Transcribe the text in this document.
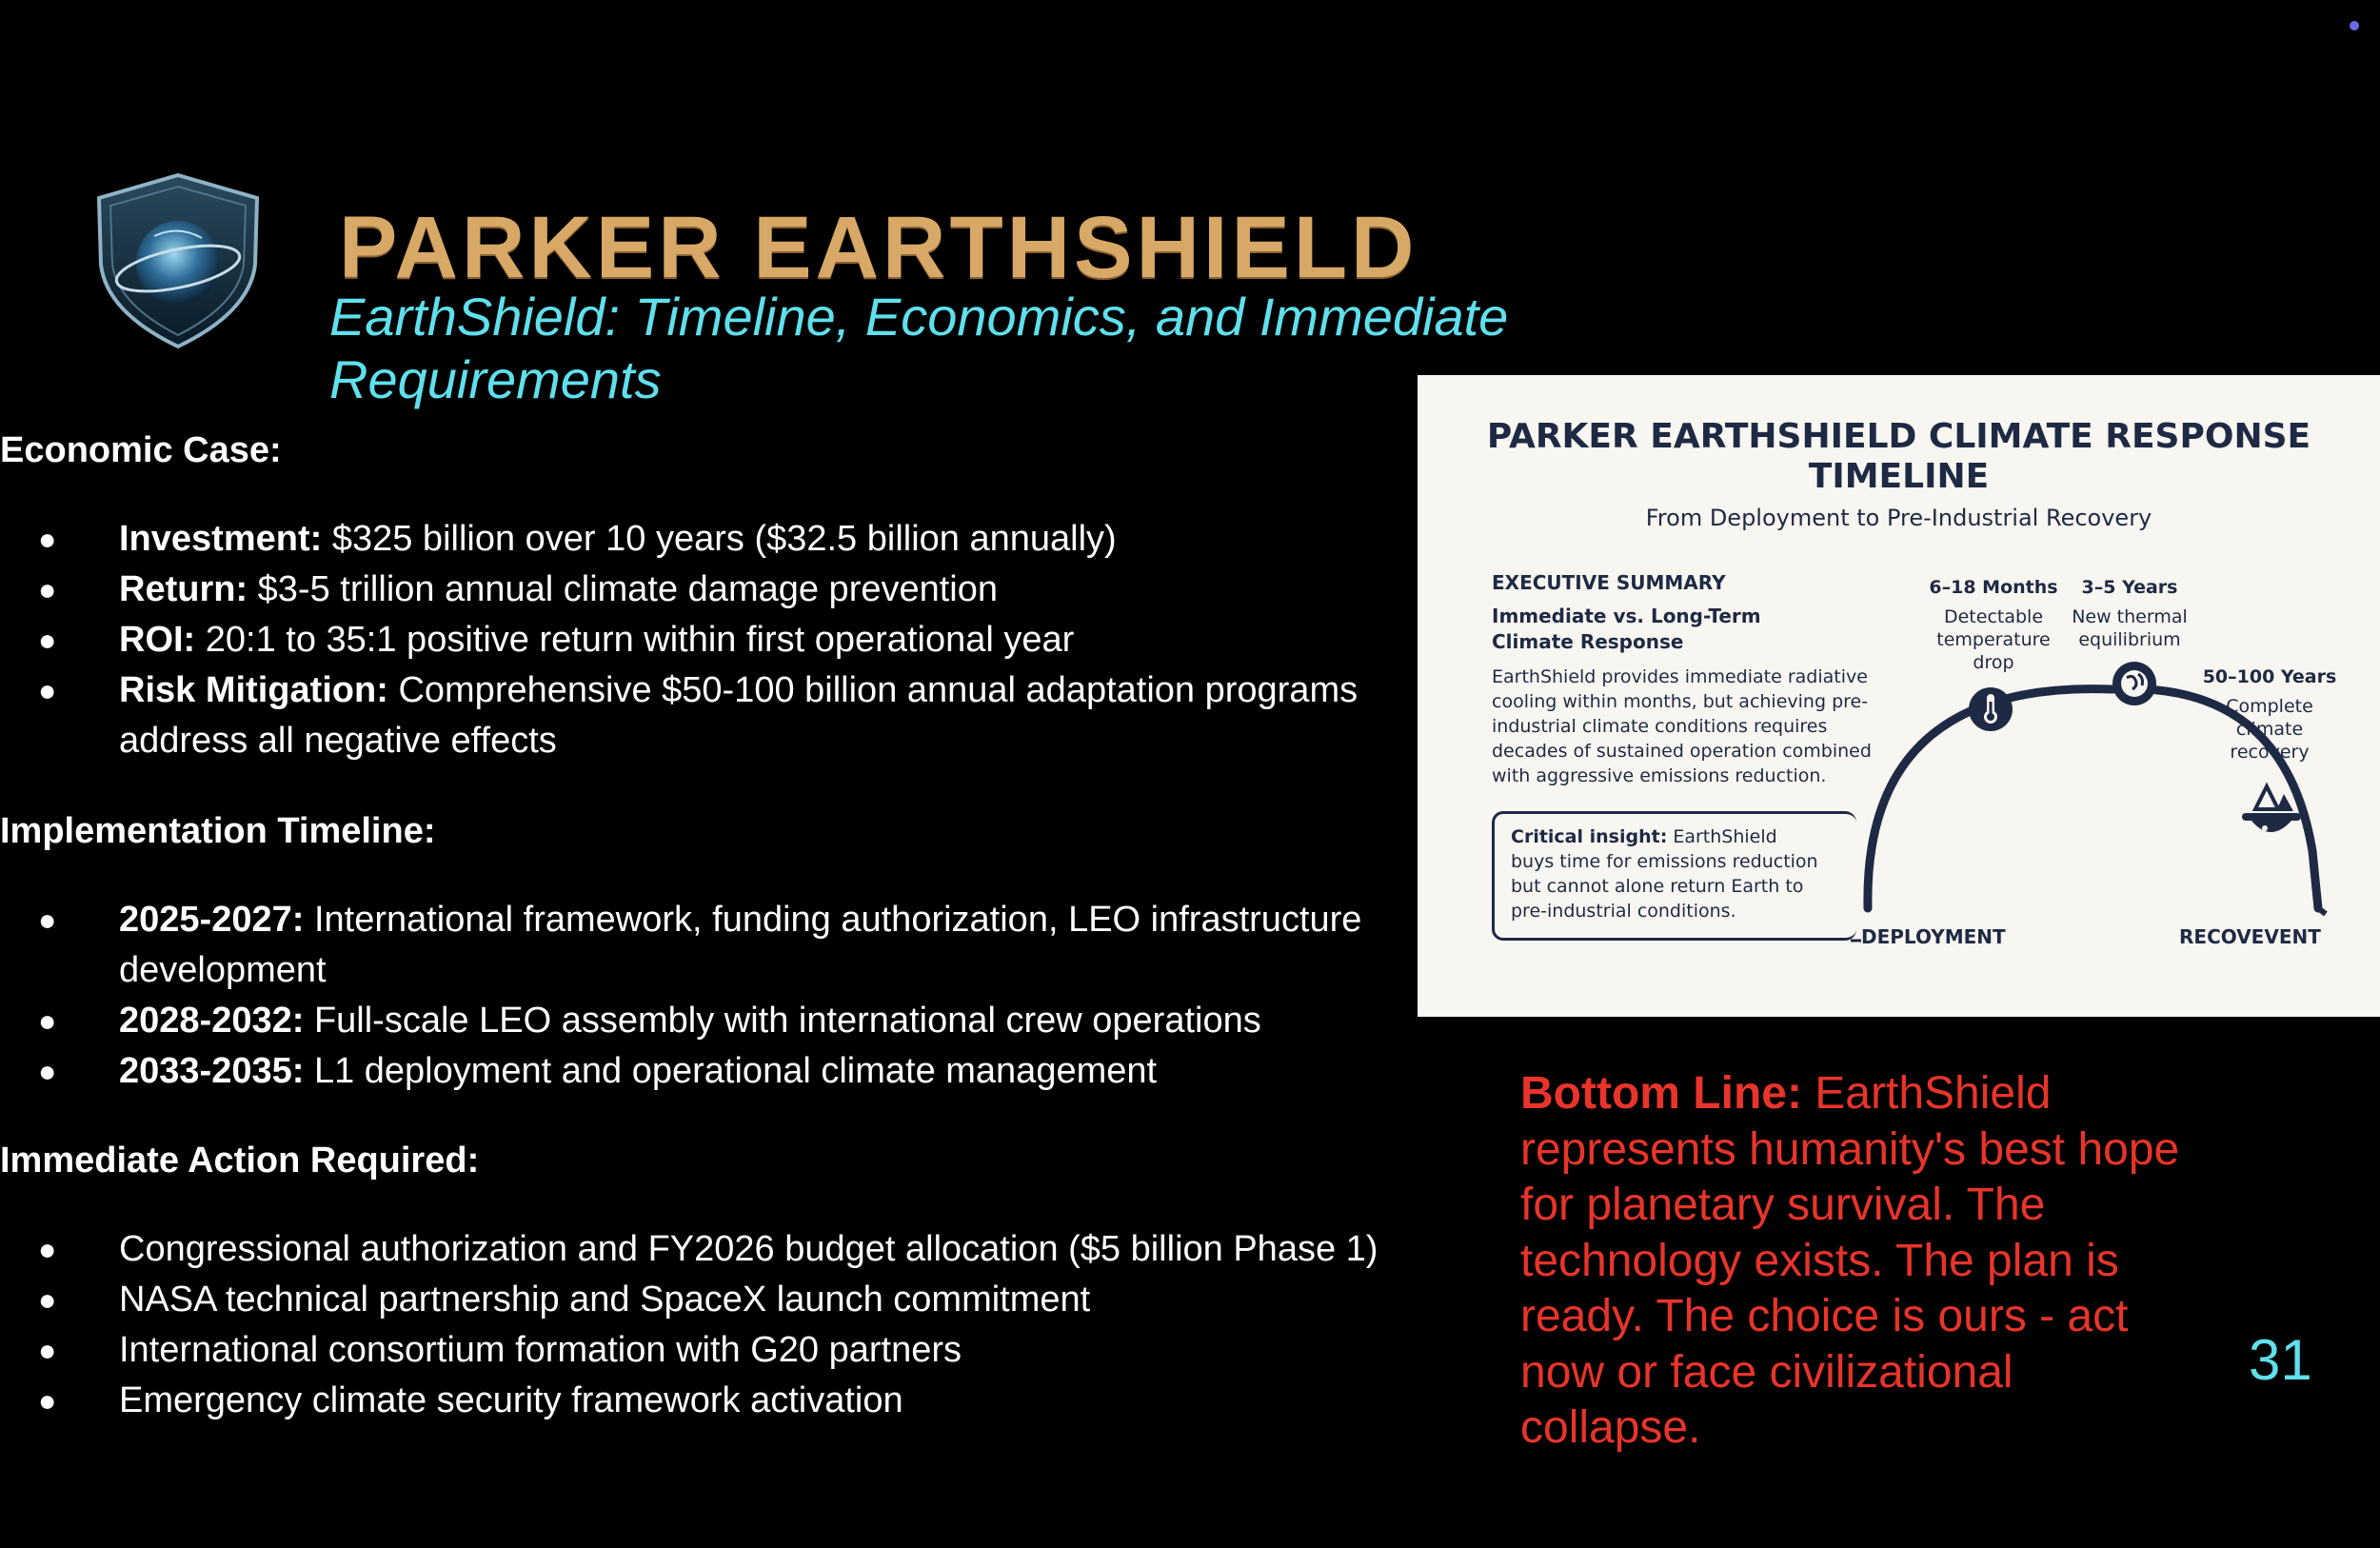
PARKER EARTHSHIELD
EarthShield: Timeline, Economics, and Immediate Requirements
Economic Case:
● Investment: $325 billion over 10 years ($32.5 billion annually)
● Return: $3-5 trillion annual climate damage prevention
● ROI: 20:1 to 35:1 positive return within first operational year
● Risk Mitigation: Comprehensive $50-100 billion annual adaptation programs address all negative effects
Implementation Timeline:
● 2025-2027: International framework, funding authorization, LEO infrastructure development
● 2028-2032: Full-scale LEO assembly with international crew operations
● 2033-2035: L1 deployment and operational climate management
Immediate Action Required:
● Congressional authorization and FY2026 budget allocation ($5 billion Phase 1)
● NASA technical partnership and SpaceX launch commitment
● International consortium formation with G20 partners
● Emergency climate security framework activation
PARKER EARTHSHIELD CLIMATE RESPONSE TIMELINE
From Deployment to Pre-Industrial Recovery
EXECUTIVE SUMMARY
Immediate vs. Long-Term Climate Response
EarthShield provides immediate radiative cooling within months, but achieving pre-industrial climate conditions requires decades of sustained operation combined with aggressive emissions reduction.
Critical insight: EarthShield buys time for emissions reduction but cannot alone return Earth to pre-industrial conditions.
6–18 Months
Detectable temperature drop
3–5 Years
New thermal equilibrium
50–100 Years
Complete climate recovery
DEPLOYMENT	RECOVEVENT
Bottom Line: EarthShield represents humanity's best hope for planetary survival. The technology exists. The plan is ready. The choice is ours - act now or face civilizational collapse.
31
